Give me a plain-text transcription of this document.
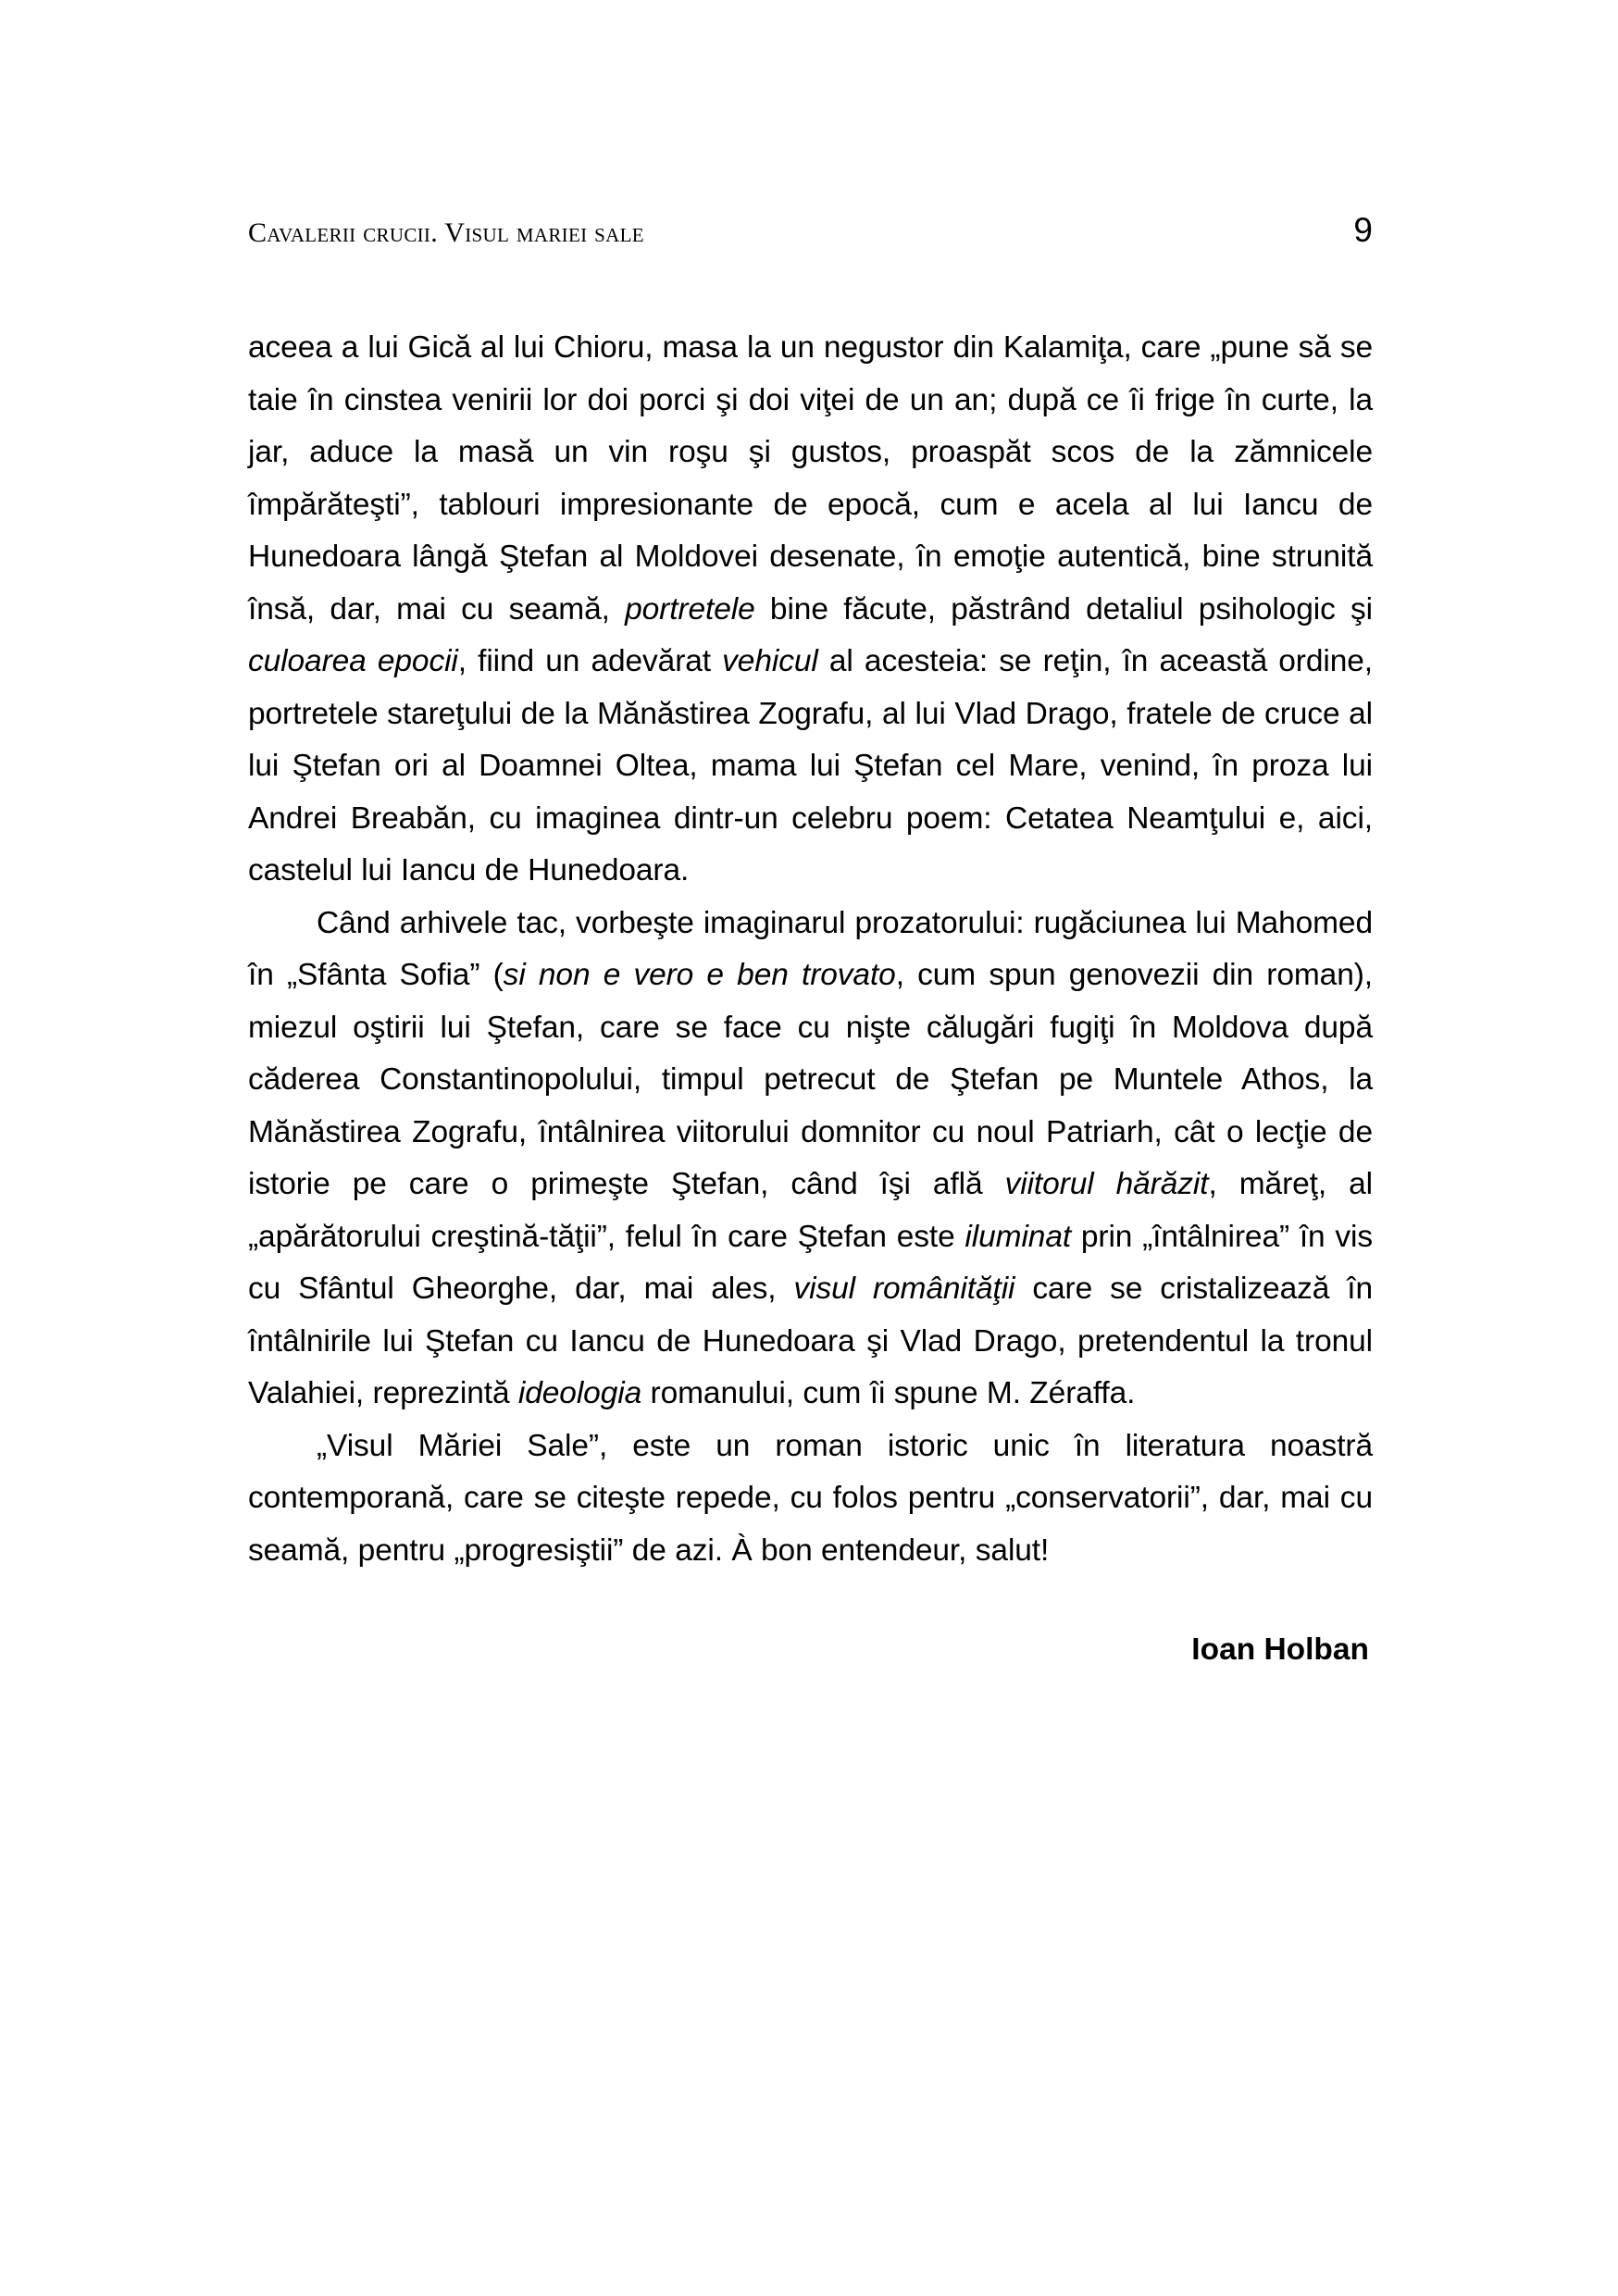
Cavalerii crucii. Visul mariei sale	9

aceea a lui Gică al lui Chioru, masa la un negustor din Kalamiţa, care „pune să se taie în cinstea venirii lor doi porci şi doi viţei de un an; după ce îi frige în curte, la jar, aduce la masă un vin roşu şi gustos, proaspăt scos de la zămnicele împărăteşti”, tablouri impresionante de epocă, cum e acela al lui Iancu de Hunedoara lângă Ştefan al Moldovei desenate, în emoţie autentică, bine strunită însă, dar, mai cu seamă, portretele bine făcute, păstrând detaliul psihologic şi culoarea epocii, fiind un adevărat vehicul al acesteia: se reţin, în această ordine, portretele stareţului de la Mănăstirea Zografu, al lui Vlad Drago, fratele de cruce al lui Ştefan ori al Doamnei Oltea, mama lui Ştefan cel Mare, venind, în proza lui Andrei Breabăn, cu imaginea dintr-un celebru poem: Cetatea Neamţului e, aici, castelul lui Iancu de Hunedoara.

Când arhivele tac, vorbeşte imaginarul prozatorului: rugăciunea lui Mahomed în „Sfânta Sofia” (si non e vero e ben trovato, cum spun genovezii din roman), miezul oştirii lui Ştefan, care se face cu nişte călugări fugiţi în Moldova după căderea Constantinopolului, timpul petrecut de Ştefan pe Muntele Athos, la Mănăstirea Zografu, întâlnirea viitorului domnitor cu noul Patriarh, cât o lecţie de istorie pe care o primeşte Ştefan, când îşi află viitorul hărăzit, măreţ, al „apărătorului creştină-tăţii”, felul în care Ştefan este iluminat prin „întâlnirea” în vis cu Sfântul Gheorghe, dar, mai ales, visul românităţii care se cristalizează în întâlnirile lui Ştefan cu Iancu de Hunedoara şi Vlad Drago, pretendentul la tronul Valahiei, reprezintă ideologia romanului, cum îi spune M. Zéraffa.

„Visul Măriei Sale”, este un roman istoric unic în literatura noastră contemporană, care se citeşte repede, cu folos pentru „conservatorii”, dar, mai cu seamă, pentru „progresiştii” de azi. À bon entendeur, salut!

Ioan Holban
